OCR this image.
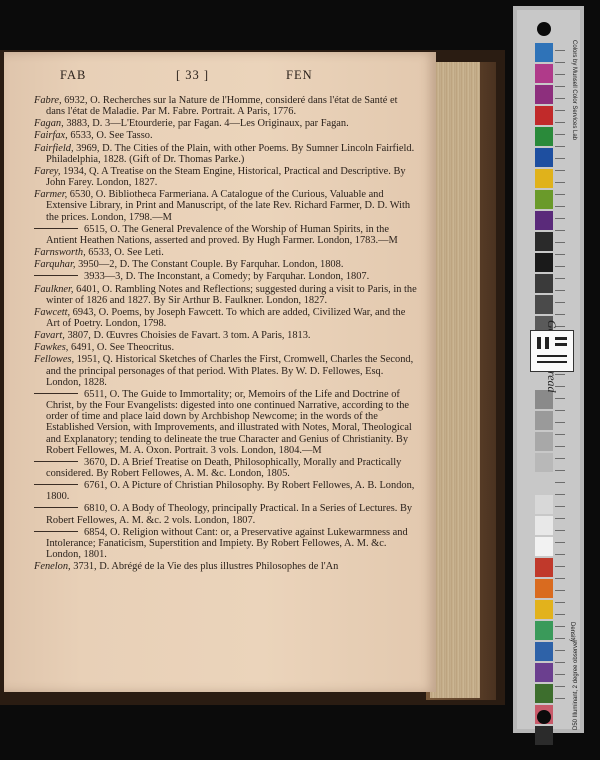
FAB	[ 33 ]	FEN

Fabre, 6932, O. Recherches sur la Nature de l'Homme, consideré dans l'état de Santé et dans l'état de Maladie. Par M. Fabre. Portrait. A Paris, 1776.

Fagan, 3883, D. 3—L'Etourderie, par Fagan. 4—Les Originaux, par Fagan.

Fairfax, 6533, O. See Tasso.

Fairfield, 3969, D. The Cities of the Plain, with other Poems. By Sumner Lincoln Fairfield. Philadelphia, 1828. (Gift of Dr. Thomas Parke.)

Farey, 1934, Q. A Treatise on the Steam Engine, Historical, Practical and Descriptive. By John Farey. London, 1827.

Farmer, 6530, O. Bibliotheca Farmeriana. A Catalogue of the Curious, Valuable and Extensive Library, in Print and Manuscript, of the late Rev. Richard Farmer, D. D. With the prices. London, 1798.—M

6515, O. The General Prevalence of the Worship of Human Spirits, in the Antient Heathen Nations, asserted and proved. By Hugh Farmer. London, 1783.—M

Farnsworth, 6533, O. See Leti.

Farquhar, 3950—2, D. The Constant Couple. By Farquhar. London, 1808.

3933—3, D. The Inconstant, a Comedy; by Farquhar. London, 1807.

Faulkner, 6401, O. Rambling Notes and Reflections; suggested during a visit to Paris, in the winter of 1826 and 1827. By Sir Arthur B. Faulkner. London, 1827.

Fawcett, 6943, O. Poems, by Joseph Fawcett. To which are added, Civilized War, and the Art of Poetry. London, 1798.

Favart, 3807, D. Œuvres Choisies de Favart. 3 tom. A Paris, 1813.

Fawkes, 6491, O. See Theocritus.

Fellowes, 1951, Q. Historical Sketches of Charles the First, Cromwell, Charles the Second, and the principal personages of that period. With Plates. By W. D. Fellowes, Esq. London, 1828.

6511, O. The Guide to Immortality; or, Memoirs of the Life and Doctrine of Christ, by the Four Evangelists: digested into one continued Narrative, according to the order of time and place laid down by Archbishop Newcome; in the words of the Established Version, with Improvements, and illustrated with Notes, Moral, Theological and Explanatory; tending to delineate the true Character and Genius of Christianity. By Robert Fellowes, M. A. Oxon. Portrait. 3 vols. London, 1804.—M

3670, D. A Brief Treatise on Death, Philosophically, Morally and Practically considered. By Robert Fellowes, A. M. &c. London, 1805.

6761, O. A Picture of Christian Philosophy. By Robert Fellowes, A. B. London, 1800.

6810, O. A Body of Theology, principally Practical. In a Series of Lectures. By Robert Fellowes, A. M. &c. 2 vols. London, 1807.

6854, O. Religion without Cant: or, a Preservative against Lukewarmness and Intolerance; Fanaticism, Superstition and Impiety. By Robert Fellowes, A. M. &c. London, 1801.

Fenelon, 3731, D. Abrégé de la Vie des plus illustres Philosophes de l'An

Colors by Munsell Color Services Lab
Density
D50 Illuminant, 2 degree observer
